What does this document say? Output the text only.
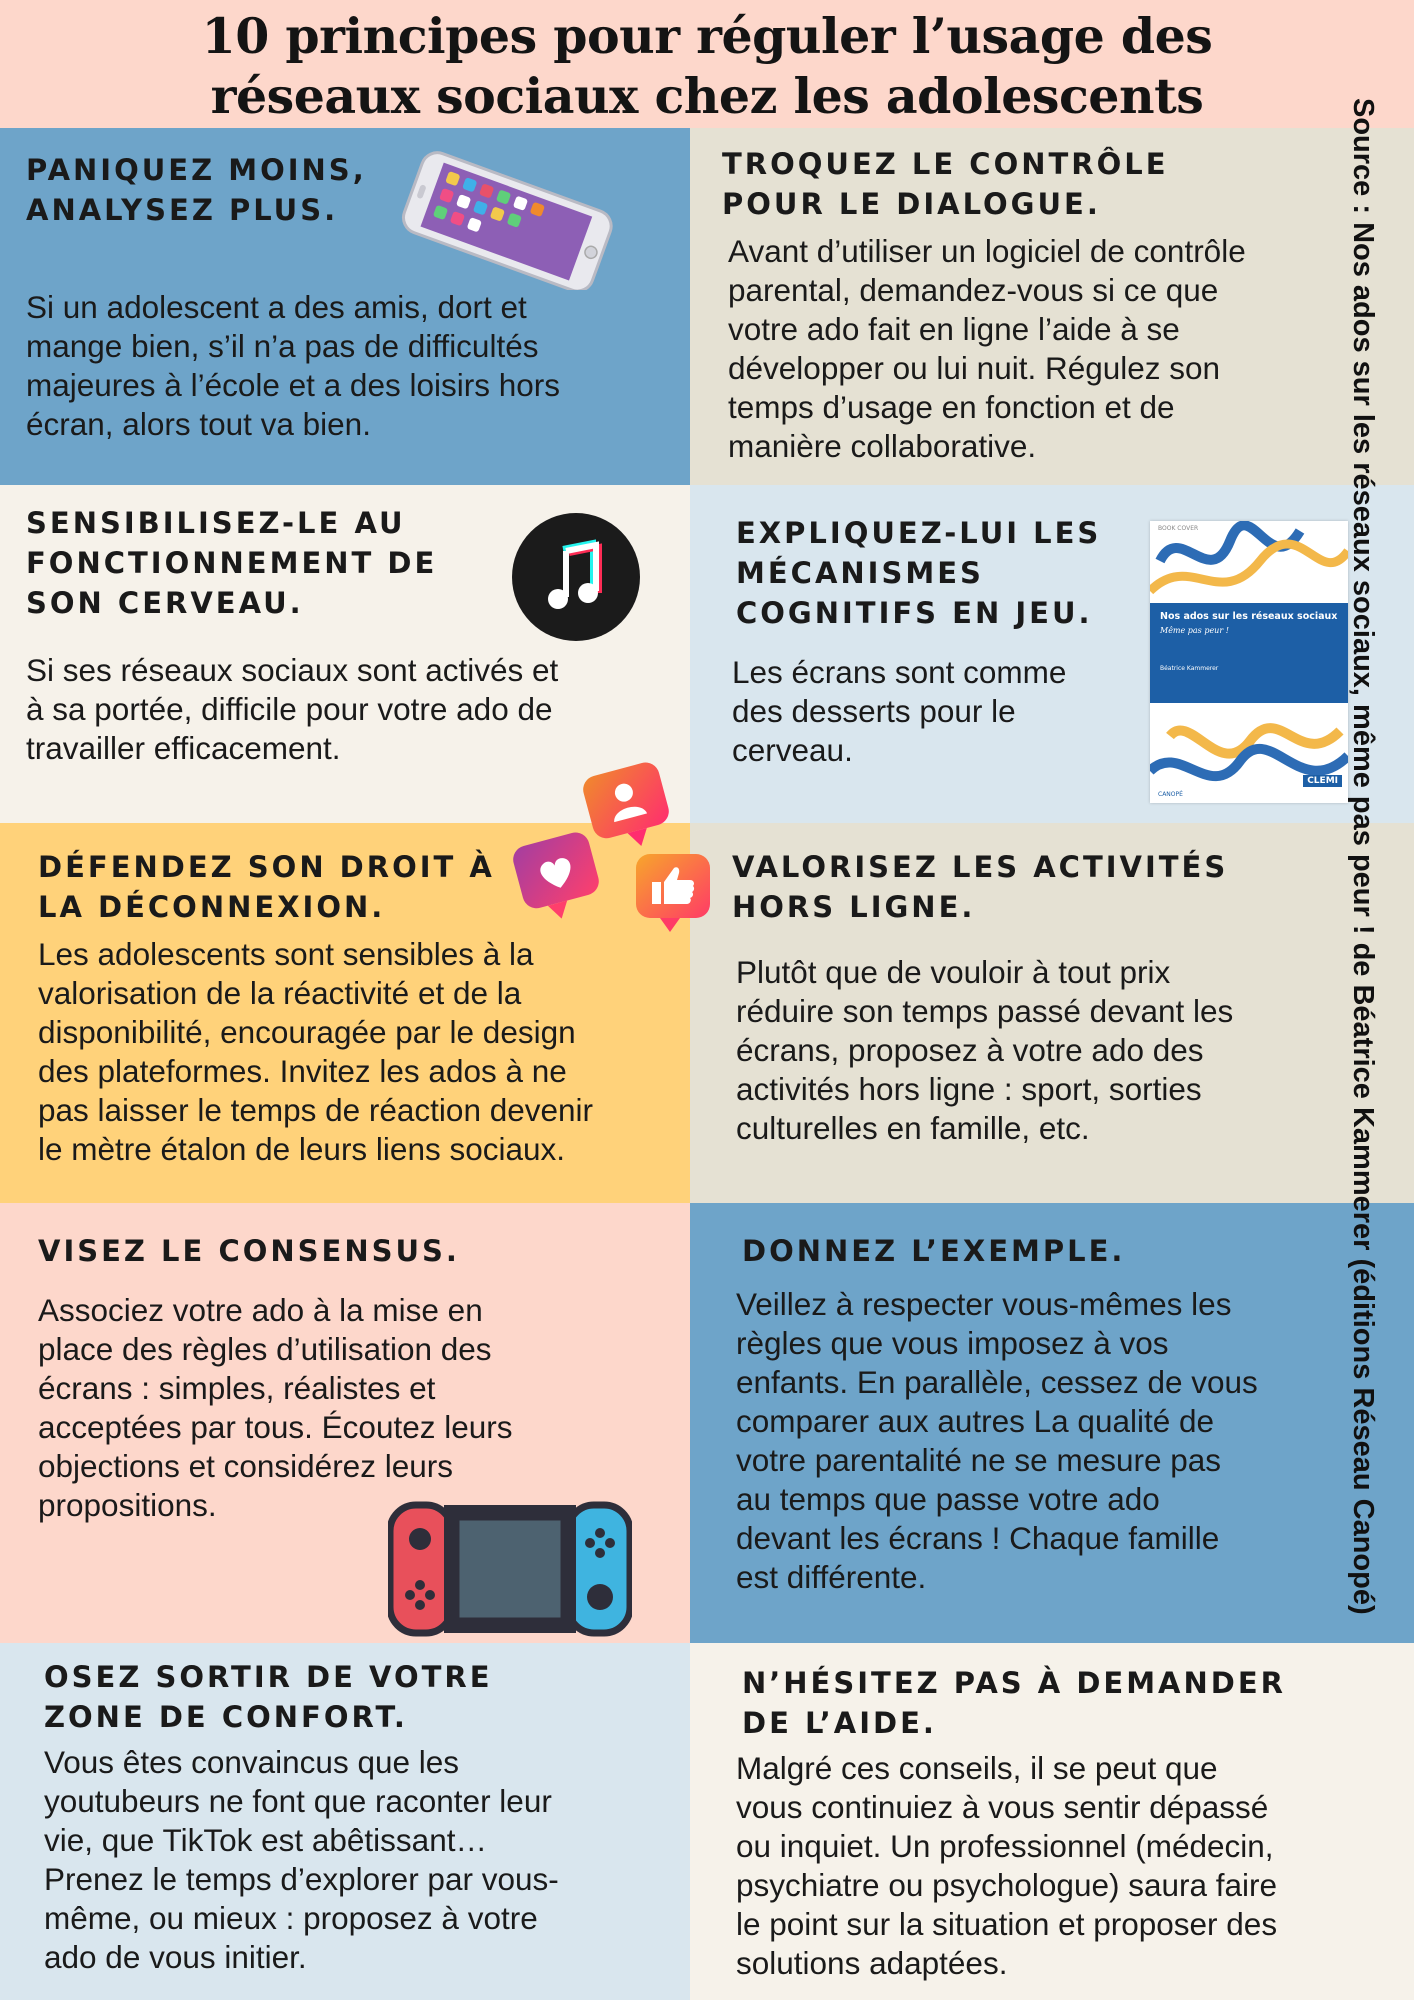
10 principes pour réguler l’usage des
réseaux sociaux chez les adolescents
PANIQUEZ MOINS,
ANALYSEZ PLUS.
Si un adolescent a des amis, dort et
mange bien, s’il n’a pas de difficultés
majeures à l’école et a des loisirs hors
écran, alors tout va bien.
TROQUEZ LE CONTRÔLE
POUR LE DIALOGUE.
Avant d’utiliser un logiciel de contrôle
parental, demandez-vous si ce que
votre ado fait en ligne l’aide à se
développer ou lui nuit. Régulez son
temps d’usage en fonction et de
manière collaborative.
SENSIBILISEZ-LE AU
FONCTIONNEMENT DE
SON CERVEAU.
Si ses réseaux sociaux sont activés et
à sa portée, difficile pour votre ado de
travailler efficacement.
EXPLIQUEZ-LUI LES
MÉCANISMES
COGNITIFS EN JEU.
Les écrans sont comme
des desserts pour le
cerveau.
BOOK COVER
Nos ados sur les réseaux sociaux
Même pas peur !
Béatrice Kammerer
CLEMI
CANOPÉ
DÉFENDEZ SON DROIT À
LA DÉCONNEXION.
Les adolescents sont sensibles à la
valorisation de la réactivité et de la
disponibilité, encouragée par le design
des plateformes. Invitez les ados à ne
pas laisser le temps de réaction devenir
le mètre étalon de leurs liens sociaux.
VALORISEZ LES ACTIVITÉS
HORS LIGNE.
Plutôt que de vouloir à tout prix
réduire son temps passé devant les
écrans, proposez à votre ado des
activités hors ligne : sport, sorties
culturelles en famille, etc.
VISEZ LE CONSENSUS.
Associez votre ado à la mise en
place des règles d’utilisation des
écrans : simples, réalistes et
acceptées par tous. Écoutez leurs
objections et considérez leurs
propositions.
DONNEZ L’EXEMPLE.
Veillez à respecter vous-mêmes les
règles que vous imposez à vos
enfants. En parallèle, cessez de vous
comparer aux autres La qualité de
votre parentalité ne se mesure pas
au temps que passe votre ado
devant les écrans ! Chaque famille
est différente.
OSEZ SORTIR DE VOTRE
ZONE DE CONFORT.
Vous êtes convaincus que les
youtubeurs ne font que raconter leur
vie, que TikTok est abêtissant…
Prenez le temps d’explorer par vous-
même, ou mieux : proposez à votre
ado de vous initier.
N’HÉSITEZ PAS À DEMANDER
DE L’AIDE.
Malgré ces conseils, il se peut que
vous continuiez à vous sentir dépassé
ou inquiet. Un professionnel (médecin,
psychiatre ou psychologue) saura faire
le point sur la situation et proposer des
solutions adaptées.
Source : Nos ados sur les réseaux sociaux, même pas peur ! de Béatrice Kammerer (éditions Réseau Canopé)
